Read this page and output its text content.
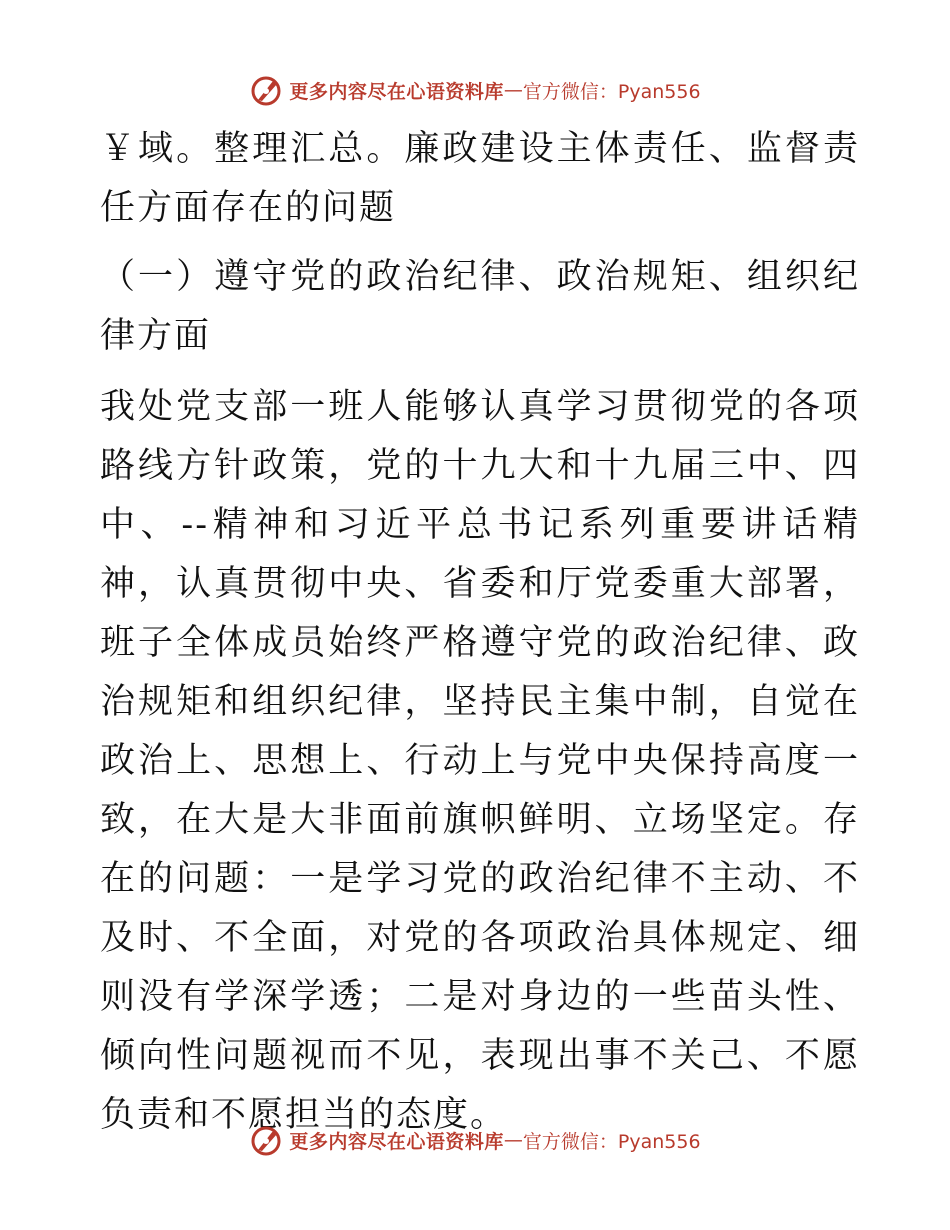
更多内容尽在心语资料库 — 官方微信：Pyan556

￥域。整理汇总。廉政建设主体责任、监督责任方面存在的问题

（一）遵守党的政治纪律、政治规矩、组织纪律方面

我处党支部一班人能够认真学习贯彻党的各项路线方针政策，党的十九大和十九届三中、四中、--精神和习近平总书记系列重要讲话精神，认真贯彻中央、省委和厅党委重大部署，班子全体成员始终严格遵守党的政治纪律、政治规矩和组织纪律，坚持民主集中制，自觉在政治上、思想上、行动上与党中央保持高度一致，在大是大非面前旗帜鲜明、立场坚定。存在的问题：一是学习党的政治纪律不主动、不及时、不全面，对党的各项政治具体规定、细则没有学深学透；二是对身边的一些苗头性、倾向性问题视而不见，表现出事不关己、不愿负责和不愿担当的态度。

更多内容尽在心语资料库 — 官方微信：Pyan556
